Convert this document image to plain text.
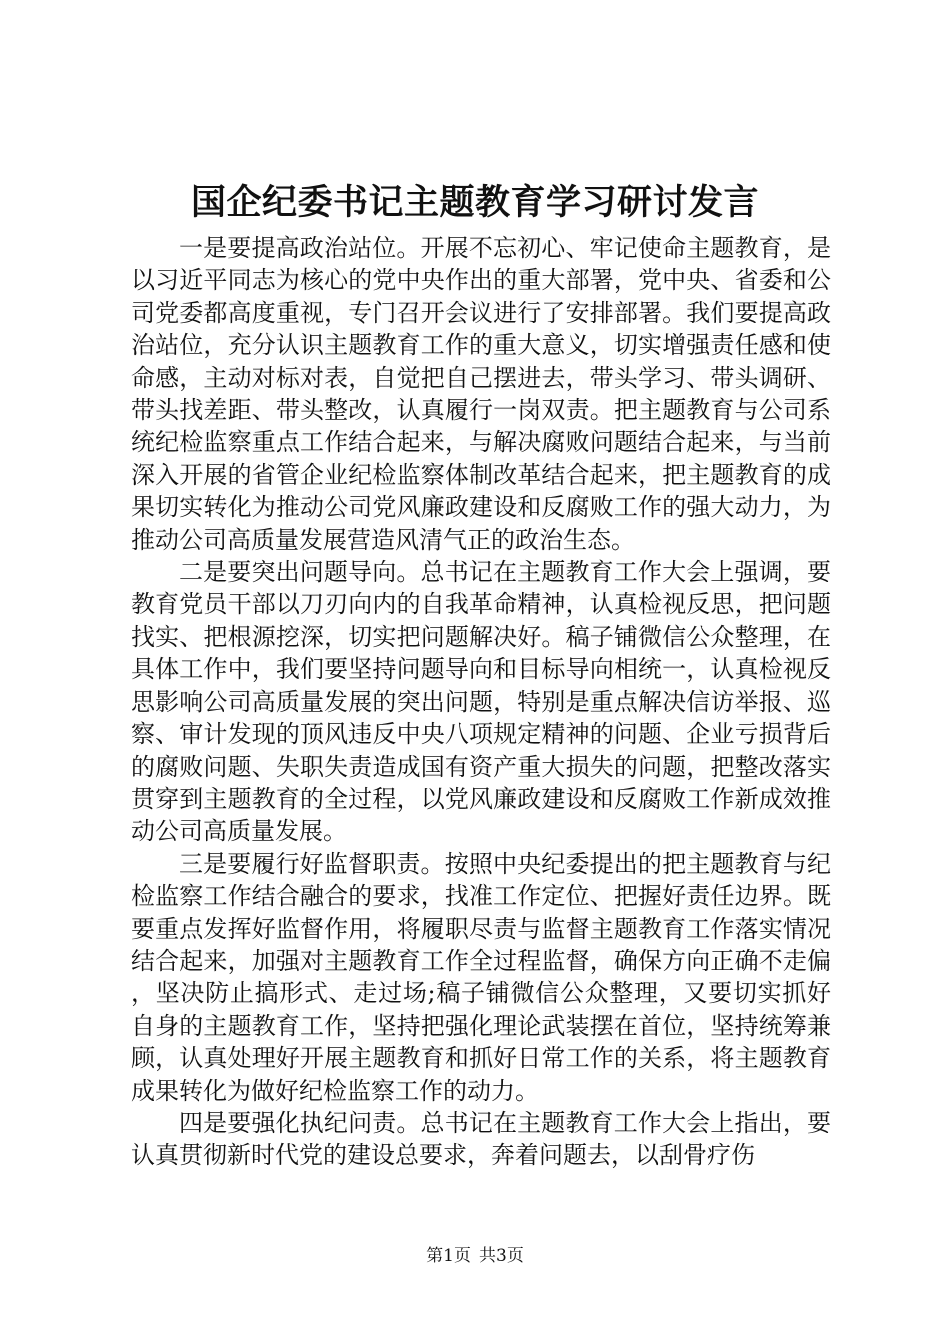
国企纪委书记主题教育学习研讨发言

一是要提高政治站位。开展不忘初心、牢记使命主题教育，是以习近平同志为核心的党中央作出的重大部署，党中央、省委和公司党委都高度重视，专门召开会议进行了安排部署。我们要提高政治站位，充分认识主题教育工作的重大意义，切实增强责任感和使命感，主动对标对表，自觉把自己摆进去，带头学习、带头调研、带头找差距、带头整改，认真履行一岗双责。把主题教育与公司系统纪检监察重点工作结合起来，与解决腐败问题结合起来，与当前深入开展的省管企业纪检监察体制改革结合起来，把主题教育的成果切实转化为推动公司党风廉政建设和反腐败工作的强大动力，为推动公司高质量发展营造风清气正的政治生态。

二是要突出问题导向。总书记在主题教育工作大会上强调，要教育党员干部以刀刃向内的自我革命精神，认真检视反思，把问题找实、把根源挖深，切实把问题解决好。稿子铺微信公众整理，在具体工作中，我们要坚持问题导向和目标导向相统一，认真检视反思影响公司高质量发展的突出问题，特别是重点解决信访举报、巡察、审计发现的顶风违反中央八项规定精神的问题、企业亏损背后的腐败问题、失职失责造成国有资产重大损失的问题，把整改落实贯穿到主题教育的全过程，以党风廉政建设和反腐败工作新成效推动公司高质量发展。

三是要履行好监督职责。按照中央纪委提出的把主题教育与纪检监察工作结合融合的要求，找准工作定位、把握好责任边界。既要重点发挥好监督作用，将履职尽责与监督主题教育工作落实情况结合起来，加强对主题教育工作全过程监督，确保方向正确不走偏，坚决防止搞形式、走过场;稿子铺微信公众整理，又要切实抓好自身的主题教育工作，坚持把强化理论武装摆在首位，坚持统筹兼顾，认真处理好开展主题教育和抓好日常工作的关系，将主题教育成果转化为做好纪检监察工作的动力。

四是要强化执纪问责。总书记在主题教育工作大会上指出，要认真贯彻新时代党的建设总要求，奔着问题去，以刮骨疗伤

第1页 共3页
